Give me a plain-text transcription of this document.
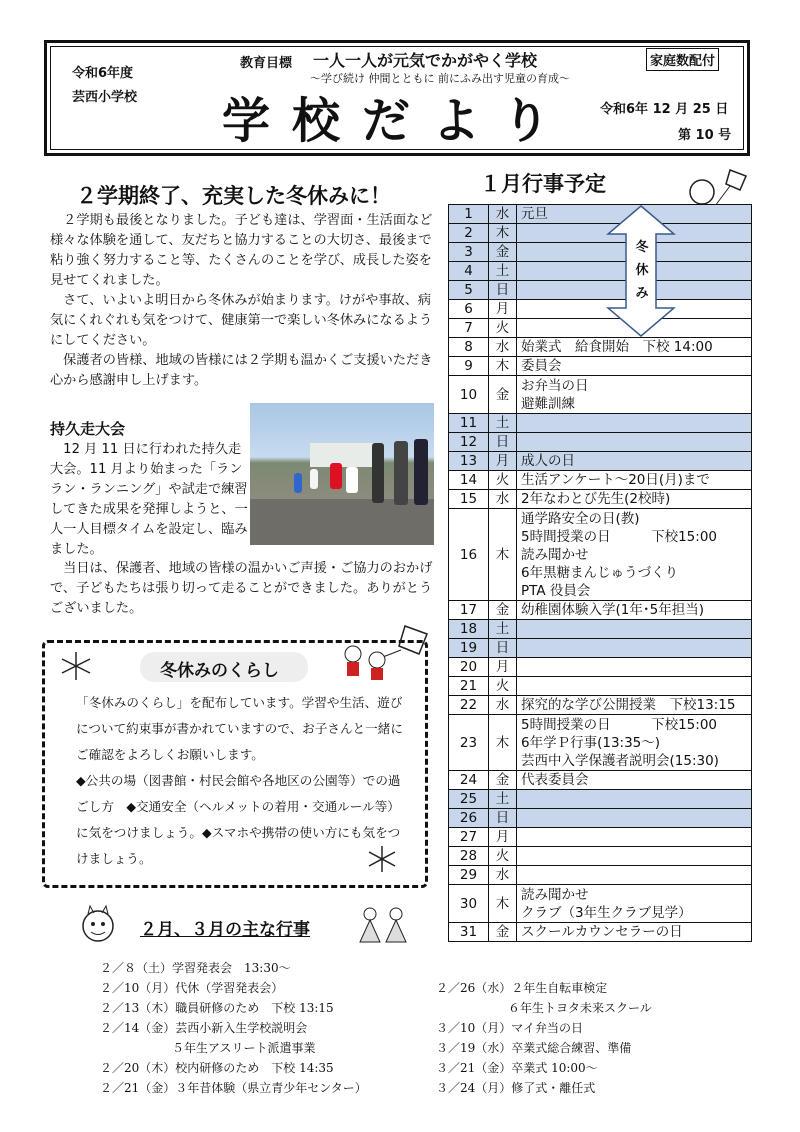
令和6年度
芸西小学校
教育目標 一人一人が元気でかがやく学校
～学び続け 仲間とともに 前にふみ出す児童の育成～
家庭数配付
学校だより 令和6年 12 月 25 日
第 10 号
２学期終了、充実した冬休みに！
　２学期も最後となりました。子ども達は、学習面・生活面など様々な体験を通して、友だちと協力することの大切さ、最後まで粘り強く努力すること等、たくさんのことを学び、成長した姿を見せてくれました。
　さて、いよいよ明日から冬休みが始まります。けがや事故、病気にくれぐれも気をつけて、健康第一で楽しい冬休みになるようにしてください。
　保護者の皆様、地域の皆様には２学期も温かくご支援いただき心から感謝申し上げます。
持久走大会
　12 月 11 日に行われた持久走大会。11 月より始まった「ランラン・ランニング」や試走で練習してきた成果を発揮しようと、一人一人目標タイムを設定し、臨みました。
　当日は、保護者、地域の皆様の温かいご声援・ご協力のおかげで、子どもたちは張り切って走ることができました。ありがとうございました。
冬休みのくらし
「冬休みのくらし」を配布しています。学習や生活、遊びについて約束事が書かれていますので、お子さんと一緒にご確認をよろしくお願いします。
◆公共の場（図書館・村民会館や各地区の公園等）での過ごし方　◆交通安全（ヘルメットの着用・交通ルール等）に気をつけましょう。◆スマホや携帯の使い方にも気をつけましょう。
２月、３月の主な行事
２／８（土）学習発表会　13:30～
２／10（月）代休（学習発表会）
２／13（木）職員研修のため　下校 13:15
２／14（金）芸西小新入生学校説明会
　　　　　　５年生アスリート派遣事業
２／20（木）校内研修のため　下校 14:35
２／21（金）３年昔体験（県立青少年センター）
２／26（水）２年生自転車検定
　　　　　　６年生トヨタ未来スクール
３／10（月）マイ弁当の日
３／19（水）卒業式総合練習、準備
３／21（金）卒業式 10:00～
３／24（月）修了式・離任式
１月行事予定
1	水	元旦
2	木	
3	金	
4	土	
5	日	
6	月	
7	火	
8	水	始業式　給食開始　下校 14:00
9	木	委員会
10	金	お弁当の日
避難訓練
11	土	
12	日	
13	月	成人の日
14	火	生活アンケート～20日(月)まで
15	水	2年なわとび先生(2校時)
16	木	通学路安全の日(教)
5時間授業の日　　　下校15:00
読み聞かせ
6年黒糖まんじゅうづくり
PTA 役員会
17	金	幼稚園体験入学(1年･5年担当)
18	土	
19	日	
20	月	
21	火	
22	水	探究的な学び公開授業　下校13:15
23	木	5時間授業の日　　　下校15:00
6年学Ｐ行事(13:35～)
芸西中入学保護者説明会(15:30)
24	金	代表委員会
25	土	
26	日	
27	月	
28	火	
29	水	
30	木	読み聞かせ
クラブ（3年生クラブ見学）
31	金	スクールカウンセラーの日
冬
休
み
